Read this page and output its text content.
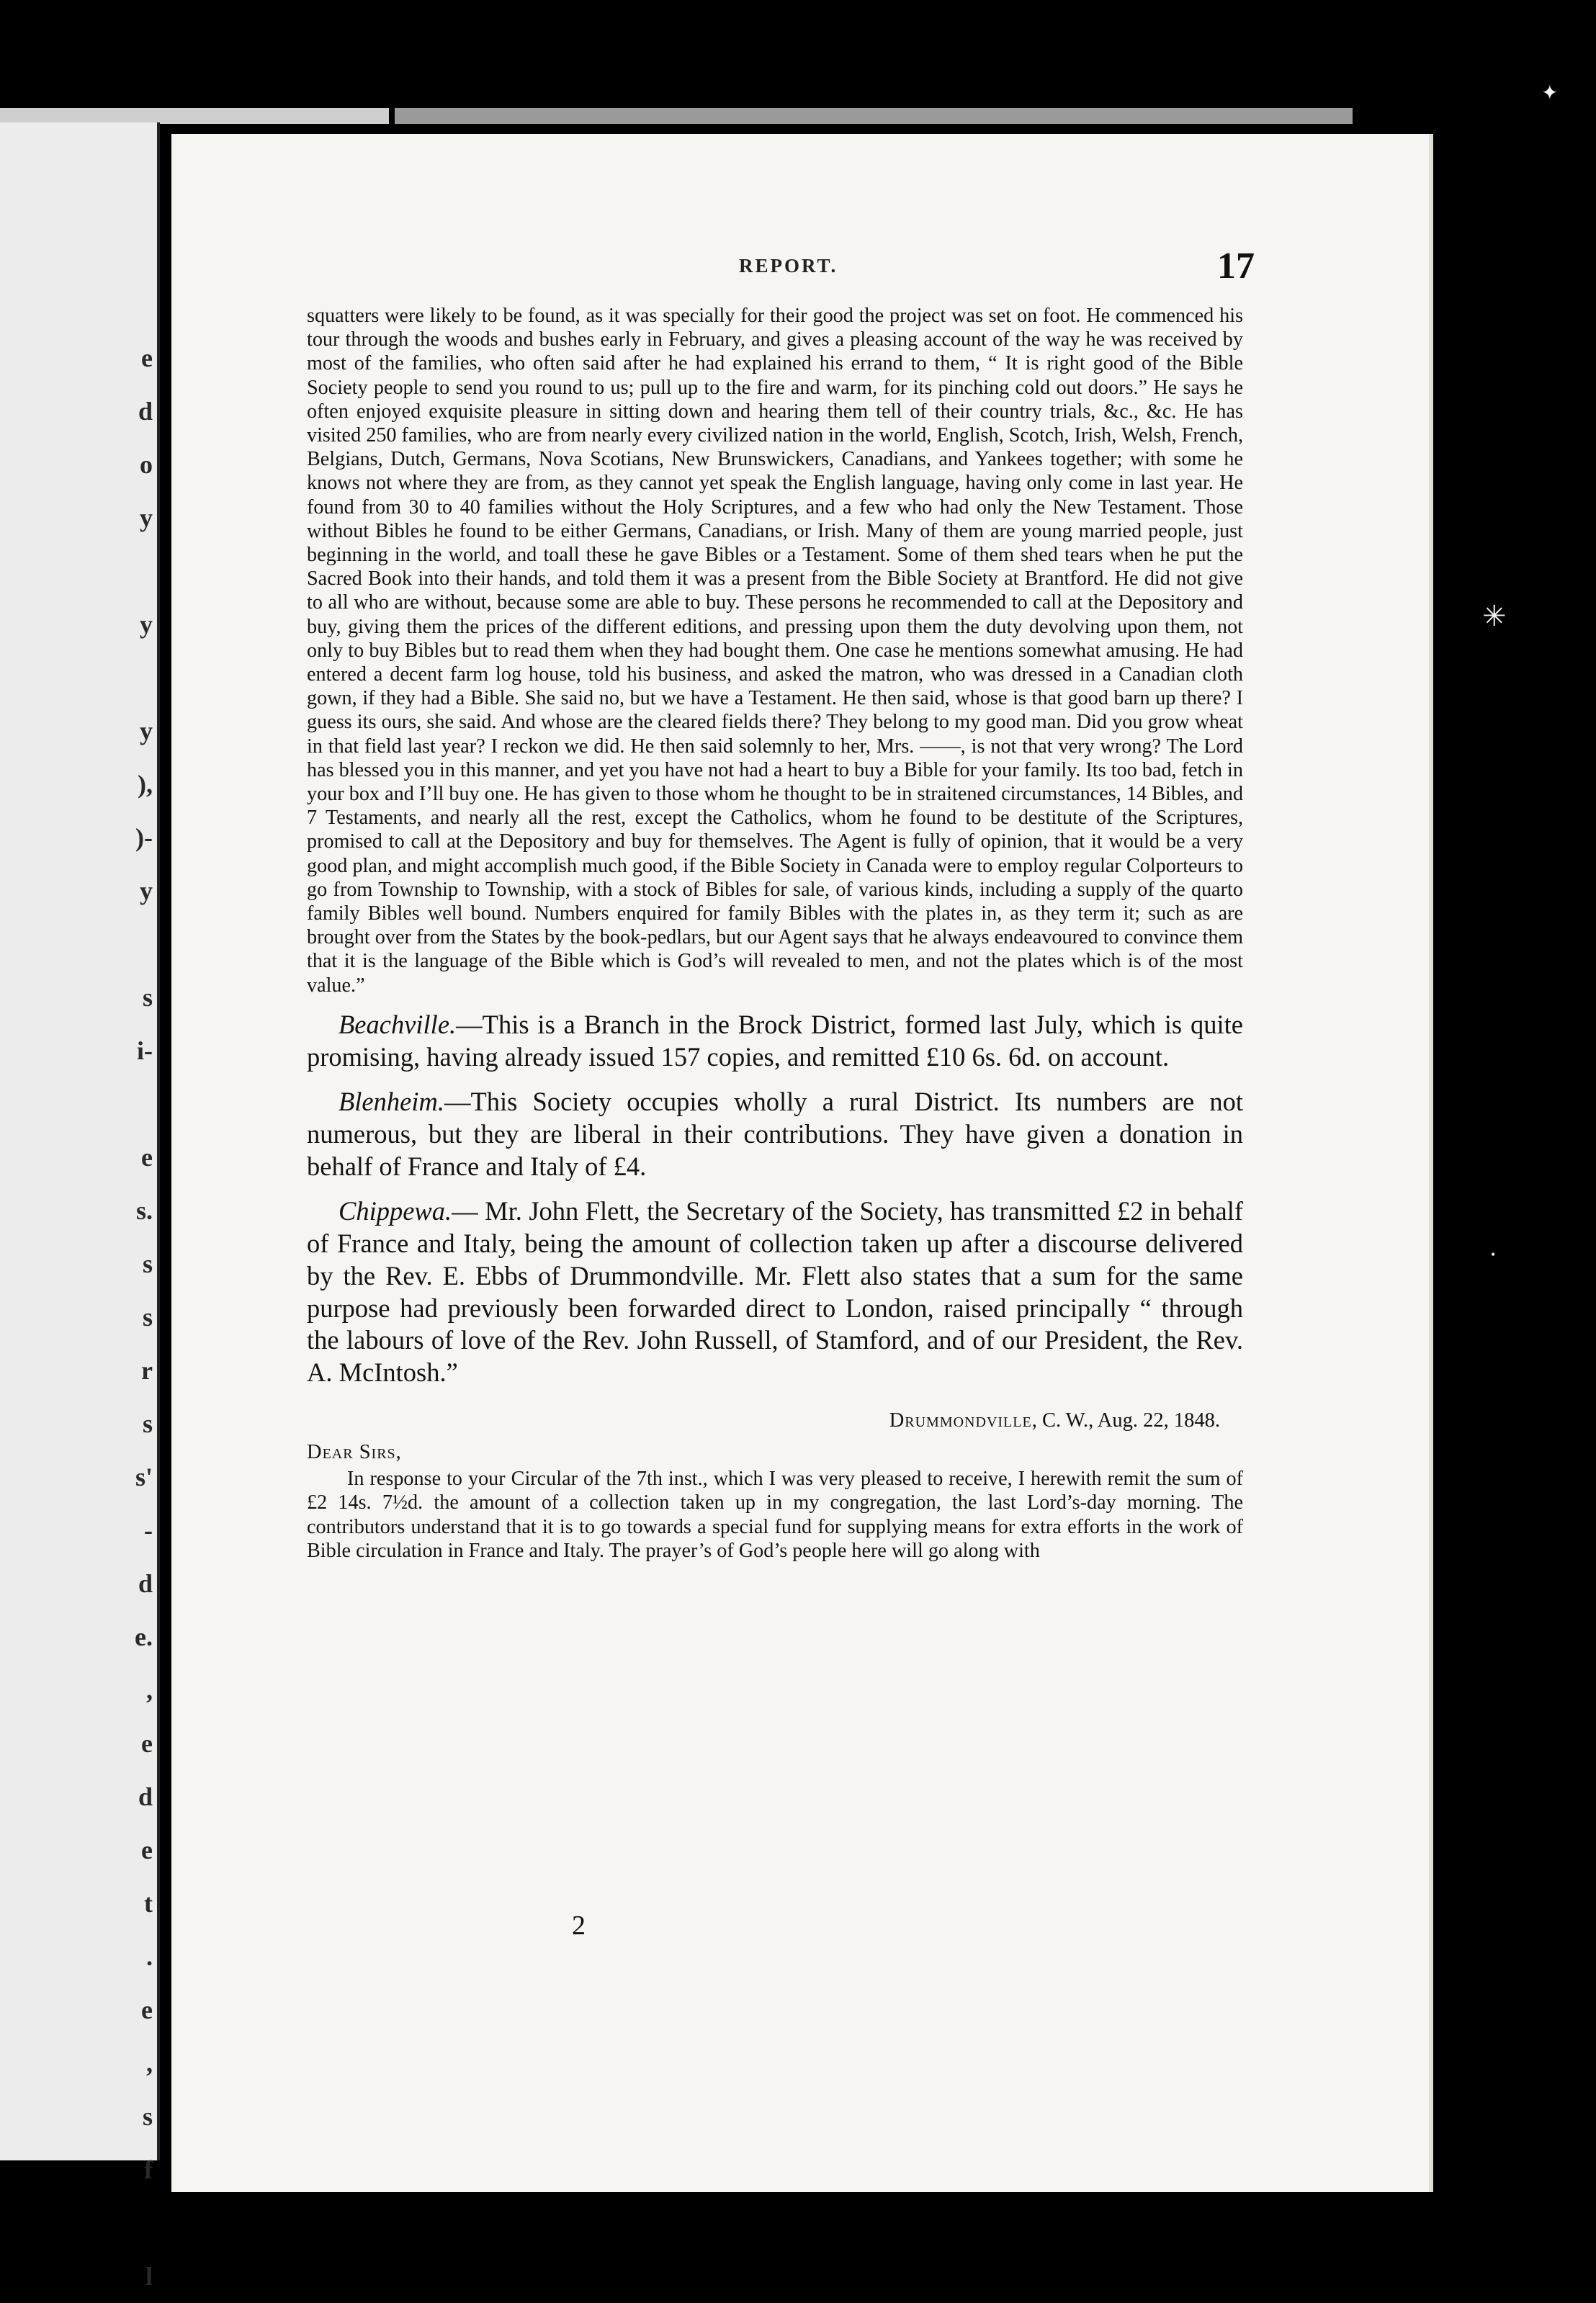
e
d
o
y

y

y
),
)-
y

s
i-

e
s.
s
s
r
s
s'
-
d
e.
,
e
d
e
t
.
e
,
s
f

l
✦
✳
•
REPORT.	17

squatters were likely to be found, as it was specially for their good the project was set on foot. He commenced his tour through the woods and bushes early in February, and gives a pleasing account of the way he was received by most of the families, who often said after he had explained his errand to them, “ It is right good of the Bible Society people to send you round to us; pull up to the fire and warm, for its pinching cold out doors.” He says he often enjoyed exquisite pleasure in sitting down and hearing them tell of their country trials, &c., &c. He has visited 250 families, who are from nearly every civilized nation in the world, English, Scotch, Irish, Welsh, French, Belgians, Dutch, Germans, Nova Scotians, New Brunswickers, Canadians, and Yankees together; with some he knows not where they are from, as they cannot yet speak the English language, having only come in last year. He found from 30 to 40 families without the Holy Scriptures, and a few who had only the New Testament. Those without Bibles he found to be either Germans, Canadians, or Irish. Many of them are young married people, just beginning in the world, and toall these he gave Bibles or a Testament. Some of them shed tears when he put the Sacred Book into their hands, and told them it was a present from the Bible Society at Brantford. He did not give to all who are without, because some are able to buy. These persons he recommended to call at the Depository and buy, giving them the prices of the different editions, and pressing upon them the duty devolving upon them, not only to buy Bibles but to read them when they had bought them. One case he mentions somewhat amusing. He had entered a decent farm log house, told his business, and asked the matron, who was dressed in a Canadian cloth gown, if they had a Bible. She said no, but we have a Testament. He then said, whose is that good barn up there? I guess its ours, she said. And whose are the cleared fields there? They belong to my good man. Did you grow wheat in that field last year? I reckon we did. He then said solemnly to her, Mrs. ——, is not that very wrong? The Lord has blessed you in this manner, and yet you have not had a heart to buy a Bible for your family. Its too bad, fetch in your box and I’ll buy one. He has given to those whom he thought to be in straitened circumstances, 14 Bibles, and 7 Testaments, and nearly all the rest, except the Catholics, whom he found to be destitute of the Scriptures, promised to call at the Depository and buy for themselves. The Agent is fully of opinion, that it would be a very good plan, and might accomplish much good, if the Bible Society in Canada were to employ regular Colporteurs to go from Township to Township, with a stock of Bibles for sale, of various kinds, including a supply of the quarto family Bibles well bound. Numbers enquired for family Bibles with the plates in, as they term it; such as are brought over from the States by the book-pedlars, but our Agent says that he always endeavoured to convince them that it is the language of the Bible which is God’s will revealed to men, and not the plates which is of the most value.”

Beachville.—This is a Branch in the Brock District, formed last July, which is quite promising, having already issued 157 copies, and remitted £10 6s. 6d. on account.

Blenheim.—This Society occupies wholly a rural District. Its numbers are not numerous, but they are liberal in their contributions. They have given a donation in behalf of France and Italy of £4.

Chippewa.— Mr. John Flett, the Secretary of the Society, has transmitted £2 in behalf of France and Italy, being the amount of collection taken up after a discourse delivered by the Rev. E. Ebbs of Drummondville. Mr. Flett also states that a sum for the same purpose had previously been forwarded direct to London, raised principally “ through the labours of love of the Rev. John Russell, of Stamford, and of our President, the Rev. A. McIntosh.”

Drummondville, C. W., Aug. 22, 1848.

Dear Sirs,

In response to your Circular of the 7th inst., which I was very pleased to receive, I herewith remit the sum of £2 14s. 7½d. the amount of a collection taken up in my congregation, the last Lord’s-day morning. The contributors understand that it is to go towards a special fund for supplying means for extra efforts in the work of Bible circulation in France and Italy. The prayer’s of God’s people here will go along with

2
